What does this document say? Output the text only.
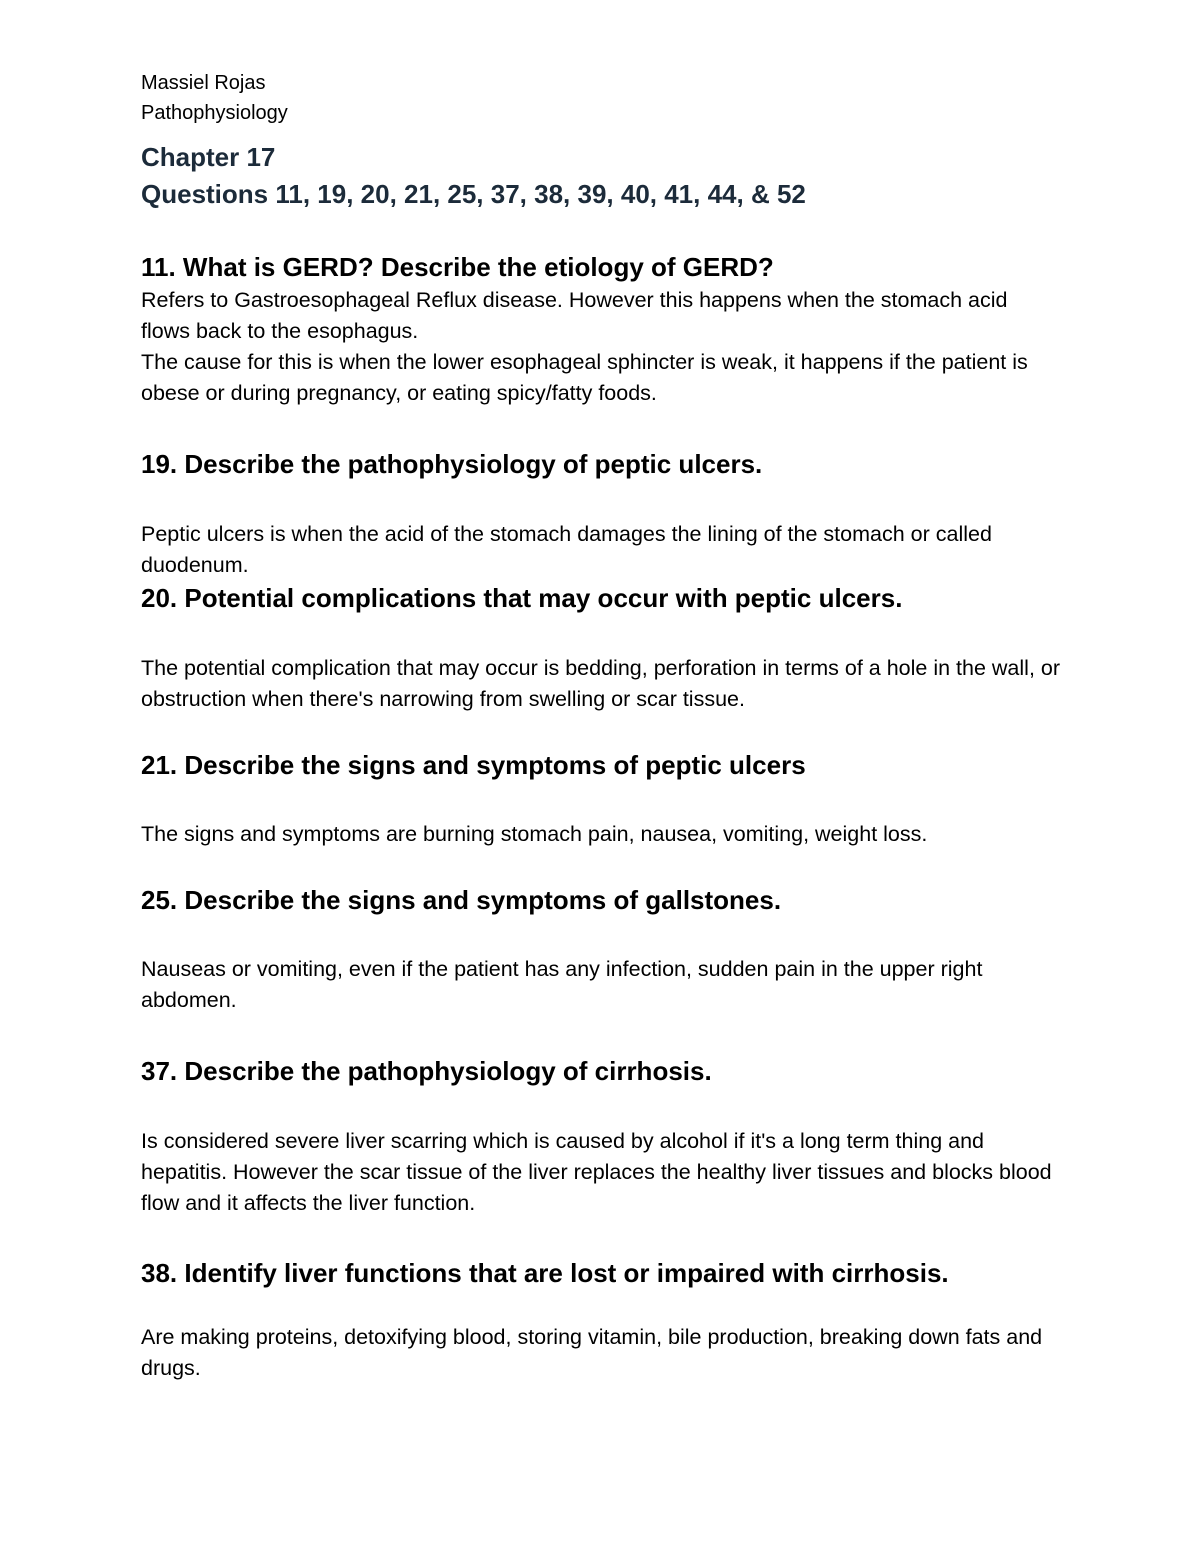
Massiel Rojas
Pathophysiology
Chapter 17
Questions 11, 19, 20, 21, 25, 37, 38, 39, 40, 41, 44, & 52
11. What is GERD? Describe the etiology of GERD?

Refers to Gastroesophageal Reflux disease. However this happens when the stomach acid flows back to the esophagus.

The cause for this is when the lower esophageal sphincter is weak, it happens if the patient is obese or during pregnancy, or eating spicy/fatty foods.

19. Describe the pathophysiology of peptic ulcers.

Peptic ulcers is when the acid of the stomach damages the lining of the stomach or called duodenum.

20. Potential complications that may occur with peptic ulcers.

The potential complication that may occur is bedding, perforation in terms of a hole in the wall, or obstruction when there's narrowing from swelling or scar tissue.

21. Describe the signs and symptoms of peptic ulcers

The signs and symptoms are burning stomach pain, nausea, vomiting, weight loss.

25. Describe the signs and symptoms of gallstones.

Nauseas or vomiting, even if the patient has any infection, sudden pain in the upper right abdomen.

37. Describe the pathophysiology of cirrhosis.

Is considered severe liver scarring which is caused by alcohol if it's a long term thing and hepatitis. However the scar tissue of the liver replaces the healthy liver tissues and blocks blood flow and it affects the liver function.

38. Identify liver functions that are lost or impaired with cirrhosis.

Are making proteins, detoxifying blood, storing vitamin, bile production, breaking down fats and drugs.
